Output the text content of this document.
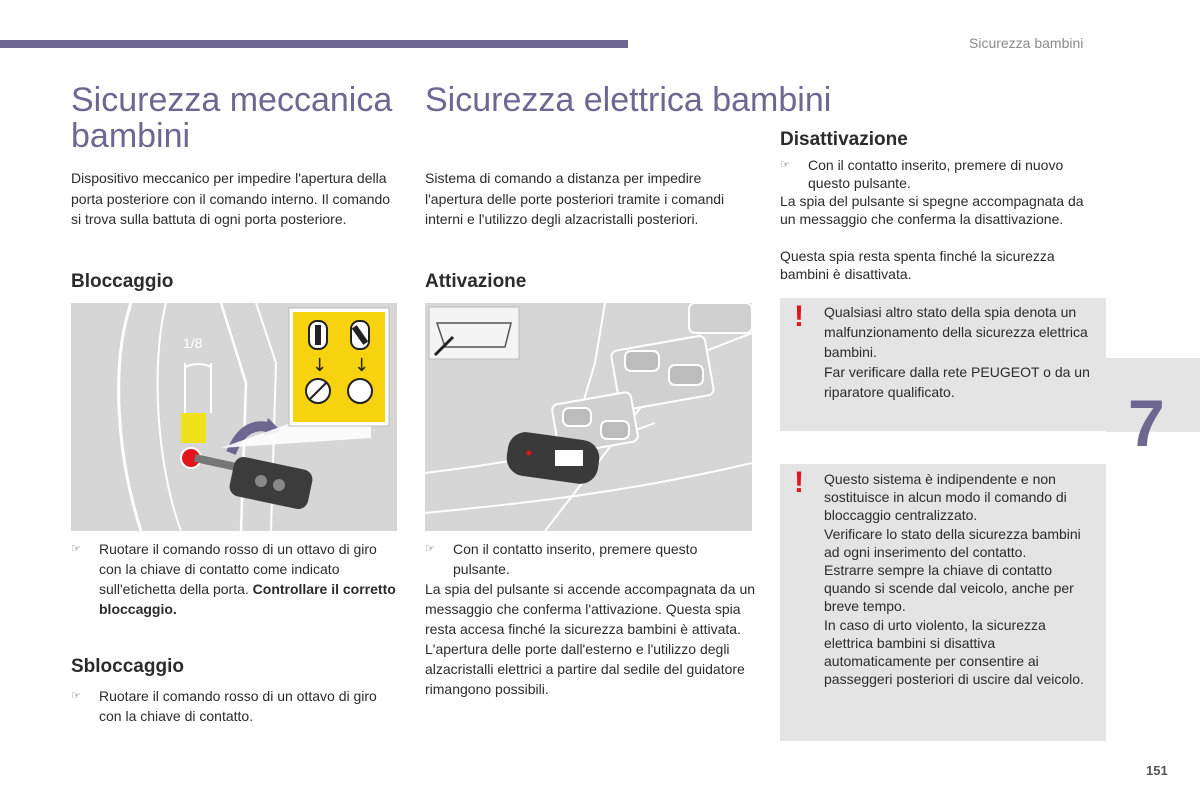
Sicurezza bambini
Sicurezza meccanica bambini

Dispositivo meccanico per impedire l'apertura della porta posteriore con il comando interno. Il comando si trova sulla battuta di ogni porta posteriore.

Bloccaggio
1/8
↓ ↓
☞	Ruotare il comando rosso di un ottavo di giro con la chiave di contatto come indicato sull'etichetta della porta. Controllare il corretto bloccaggio.
Sbloccaggio
☞	Ruotare il comando rosso di un ottavo di giro con la chiave di contatto.
Sicurezza elettrica bambini

Sistema di comando a distanza per impedire l'apertura delle porte posteriori tramite i comandi interni e l'utilizzo degli alzacristalli posteriori.

Attivazione
☞	Con il contatto inserito, premere questo pulsante.

La spia del pulsante si accende accompagnata da un messaggio che conferma l'attivazione. Questa spia resta accesa finché la sicurezza bambini è attivata. L'apertura delle porte dall'esterno e l'utilizzo degli alzacristalli elettrici a partire dal sedile del guidatore rimangono possibili.

Disattivazione
☞	Con il contatto inserito, premere di nuovo questo pulsante.

La spia del pulsante si spegne accompagnata da un messaggio che conferma la disattivazione.

Questa spia resta spenta finché la sicurezza bambini è disattivata.

! Qualsiasi altro stato della spia denota un malfunzionamento della sicurezza elettrica bambini.
Far verificare dalla rete PEUGEOT o da un riparatore qualificato.
! Questo sistema è indipendente e non sostituisce in alcun modo il comando di bloccaggio centralizzato.
Verificare lo stato della sicurezza bambini ad ogni inserimento del contatto.
Estrarre sempre la chiave di contatto quando si scende dal veicolo, anche per breve tempo.
In caso di urto violento, la sicurezza elettrica bambini si disattiva automaticamente per consentire ai passeggeri posteriori di uscire dal veicolo.
7
151
